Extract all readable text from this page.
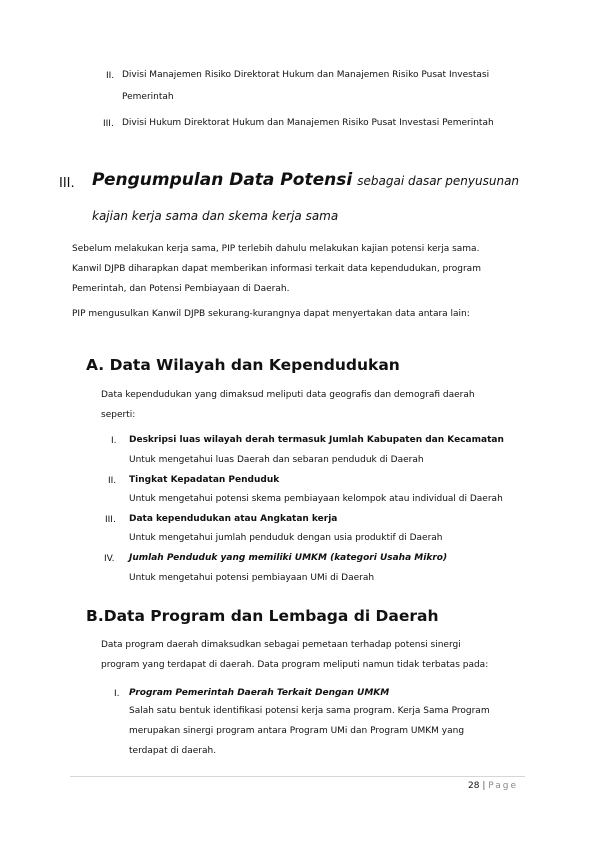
II. Divisi Manajemen Risiko Direktorat Hukum dan Manajemen Risiko Pusat Investasi
Pemerintah
III. Divisi Hukum Direktorat Hukum dan Manajemen Risiko Pusat Investasi Pemerintah
III. Pengumpulan Data Potensi sebagai dasar penyusunan
kajian kerja sama dan skema kerja sama
Sebelum melakukan kerja sama, PIP terlebih dahulu melakukan kajian potensi kerja sama.
Kanwil DJPB diharapkan dapat memberikan informasi terkait data kependudukan, program
Pemerintah, dan Potensi Pembiayaan di Daerah.
PIP mengusulkan Kanwil DJPB sekurang-kurangnya dapat menyertakan data antara lain:
A. Data Wilayah dan Kependudukan
Data kependudukan yang dimaksud meliputi data geografis dan demografi daerah
seperti:
I. Deskripsi luas wilayah derah termasuk Jumlah Kabupaten dan Kecamatan
Untuk mengetahui luas Daerah dan sebaran penduduk di Daerah
II. Tingkat Kepadatan Penduduk
Untuk mengetahui potensi skema pembiayaan kelompok atau individual di Daerah
III. Data kependudukan atau Angkatan kerja
Untuk mengetahui jumlah penduduk dengan usia produktif di Daerah
IV. Jumlah Penduduk yang memiliki UMKM (kategori Usaha Mikro)
Untuk mengetahui potensi pembiayaan UMi di Daerah
B.Data Program dan Lembaga di Daerah
Data program daerah dimaksudkan sebagai pemetaan terhadap potensi sinergi
program yang terdapat di daerah. Data program meliputi namun tidak terbatas pada:
I. Program Pemerintah Daerah Terkait Dengan UMKM
Salah satu bentuk identifikasi potensi kerja sama program. Kerja Sama Program
merupakan sinergi program antara Program UMi dan Program UMKM yang
terdapat di daerah.
28 | Page
